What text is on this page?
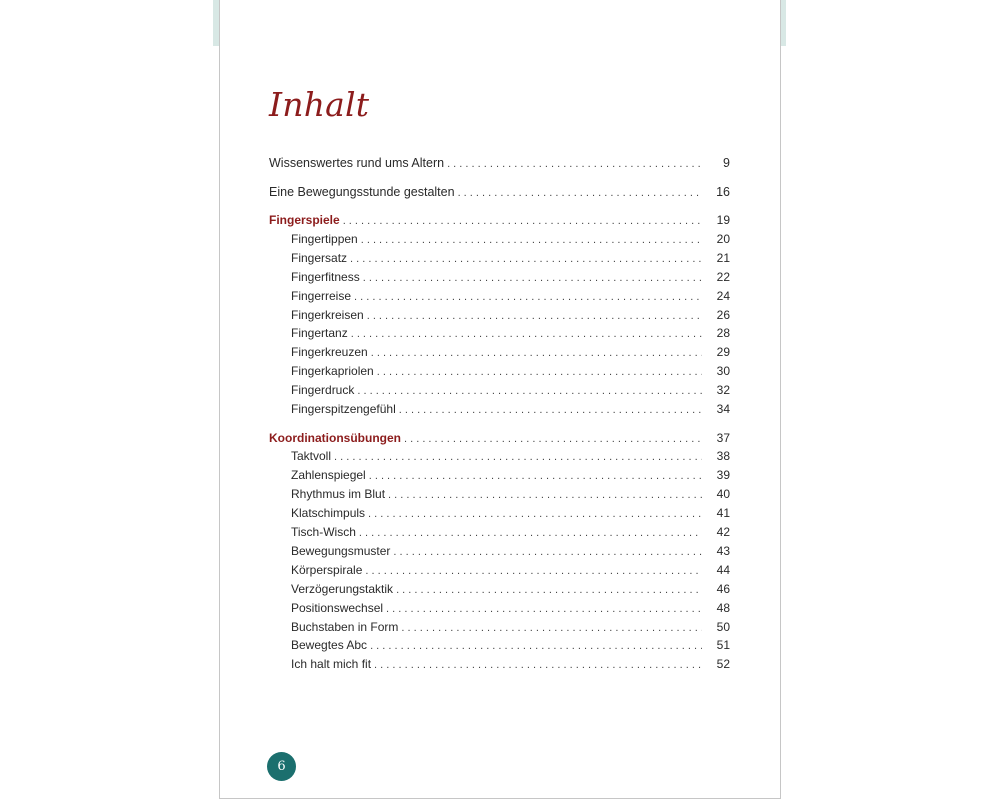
Inhalt
Wissenswertes rund ums Altern . . .	9
Eine Bewegungsstunde gestalten . . .	16
Fingerspiele . . .	19
Fingertippen . . .	20
Fingersatz . . .	21
Fingerfitness . . .	22
Fingerreise . . .	24
Fingerkreisen . . .	26
Fingertanz . . .	28
Fingerkreuzen . . .	29
Fingerkapriolen . . .	30
Fingerdruck . . .	32
Fingerspitzengefühl . . .	34
Koordinationsübungen . . .	37
Taktvoll . . .	38
Zahlenspiegel . . .	39
Rhythmus im Blut . . .	40
Klatschimpuls . . .	41
Tisch-Wisch . . .	42
Bewegungsmuster . . .	43
Körperspirale . . .	44
Verzögerungstaktik . . .	46
Positionswechsel . . .	48
Buchstaben in Form . . .	50
Bewegtes Abc . . .	51
Ich halt mich fit . . .	52
6
